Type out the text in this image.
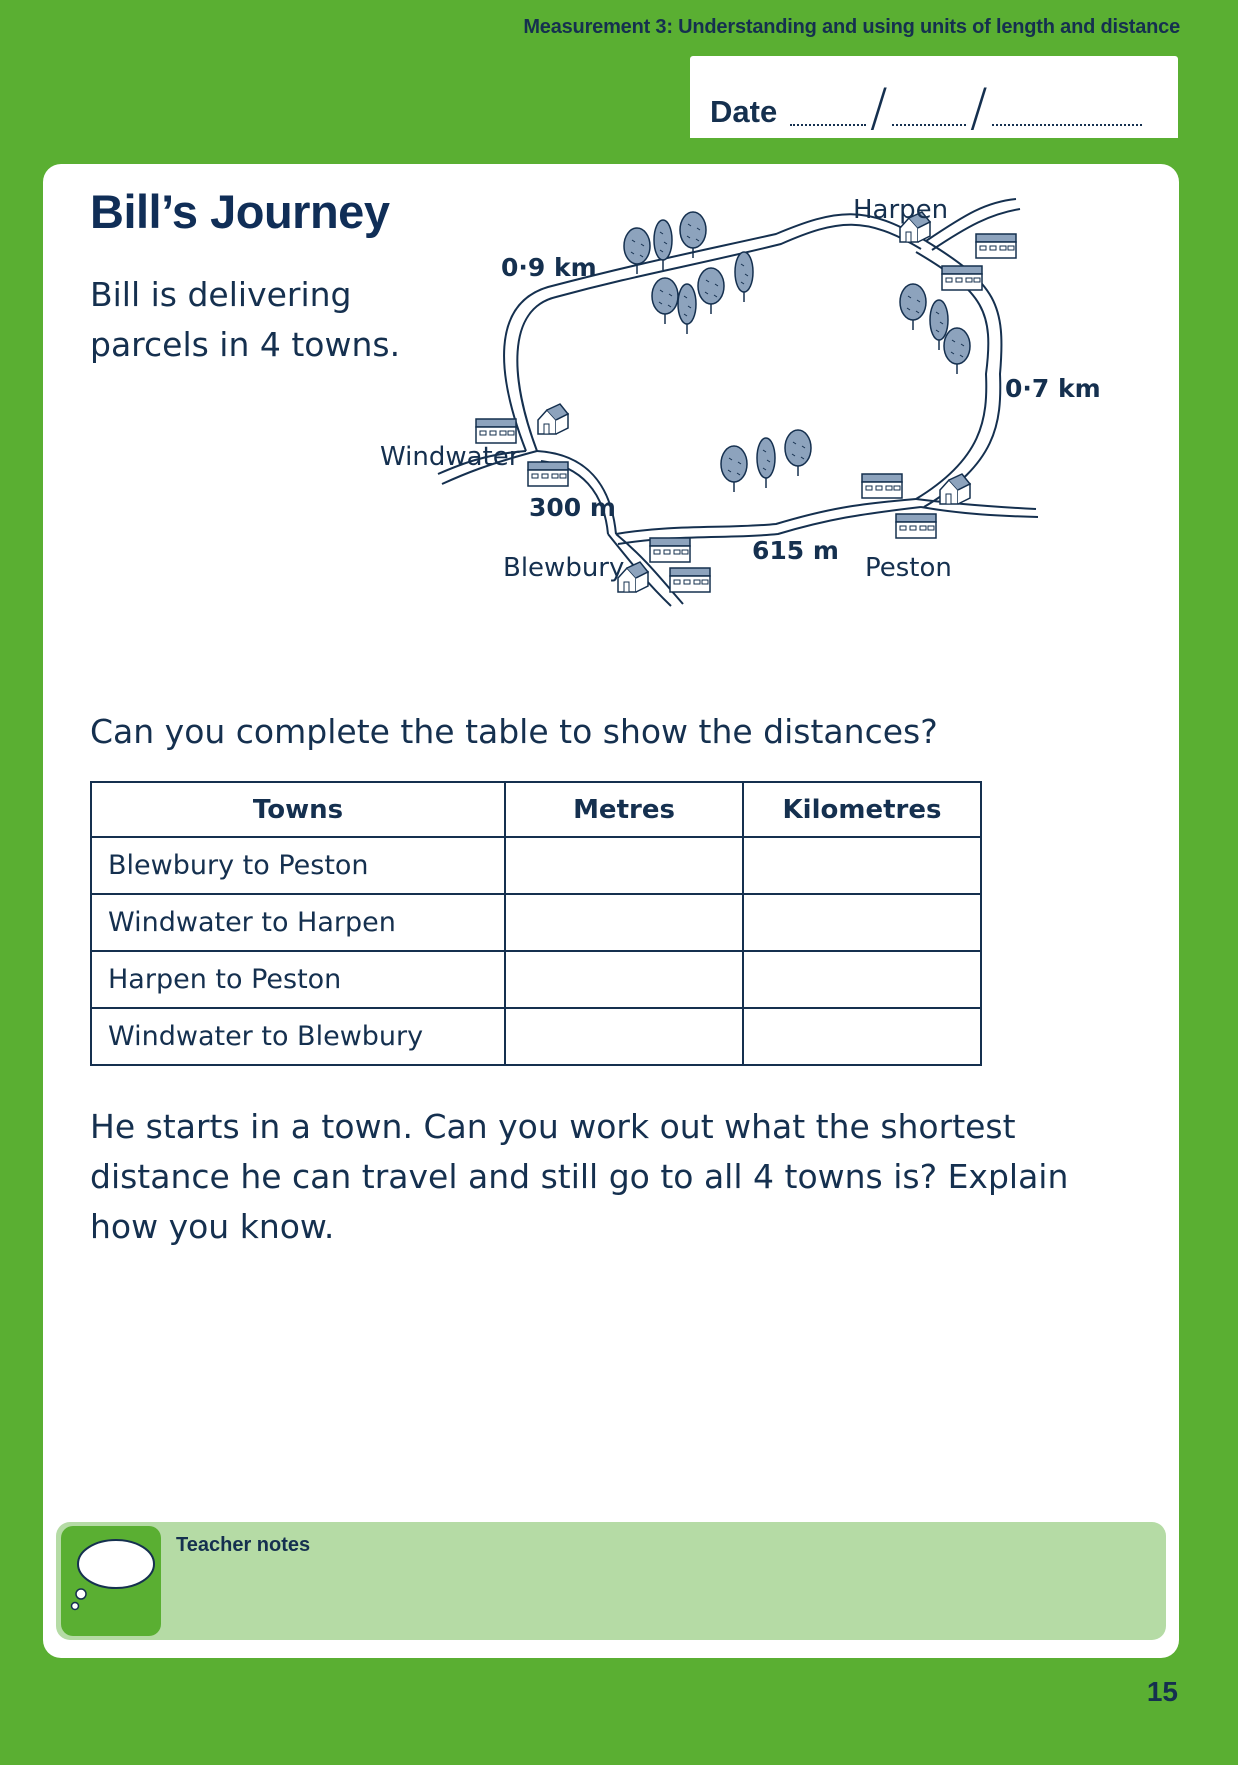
Measurement 3: Understanding and using units of length and distance
Date / /
Bill’s Journey

Bill is delivering parcels in 4 towns.

Harpen
Windwater
Blewbury	Peston
0·9 km
0·7 km
300 m
615 m

Can you complete the table to show the distances?

Towns	Metres	Kilometres
Blewbury to Peston		
Windwater to Harpen		
Harpen to Peston		
Windwater to Blewbury		

He starts in a town. Can you work out what the shortest distance he can travel and still go to all 4 towns is? Explain how you know.

Teacher notes
15
